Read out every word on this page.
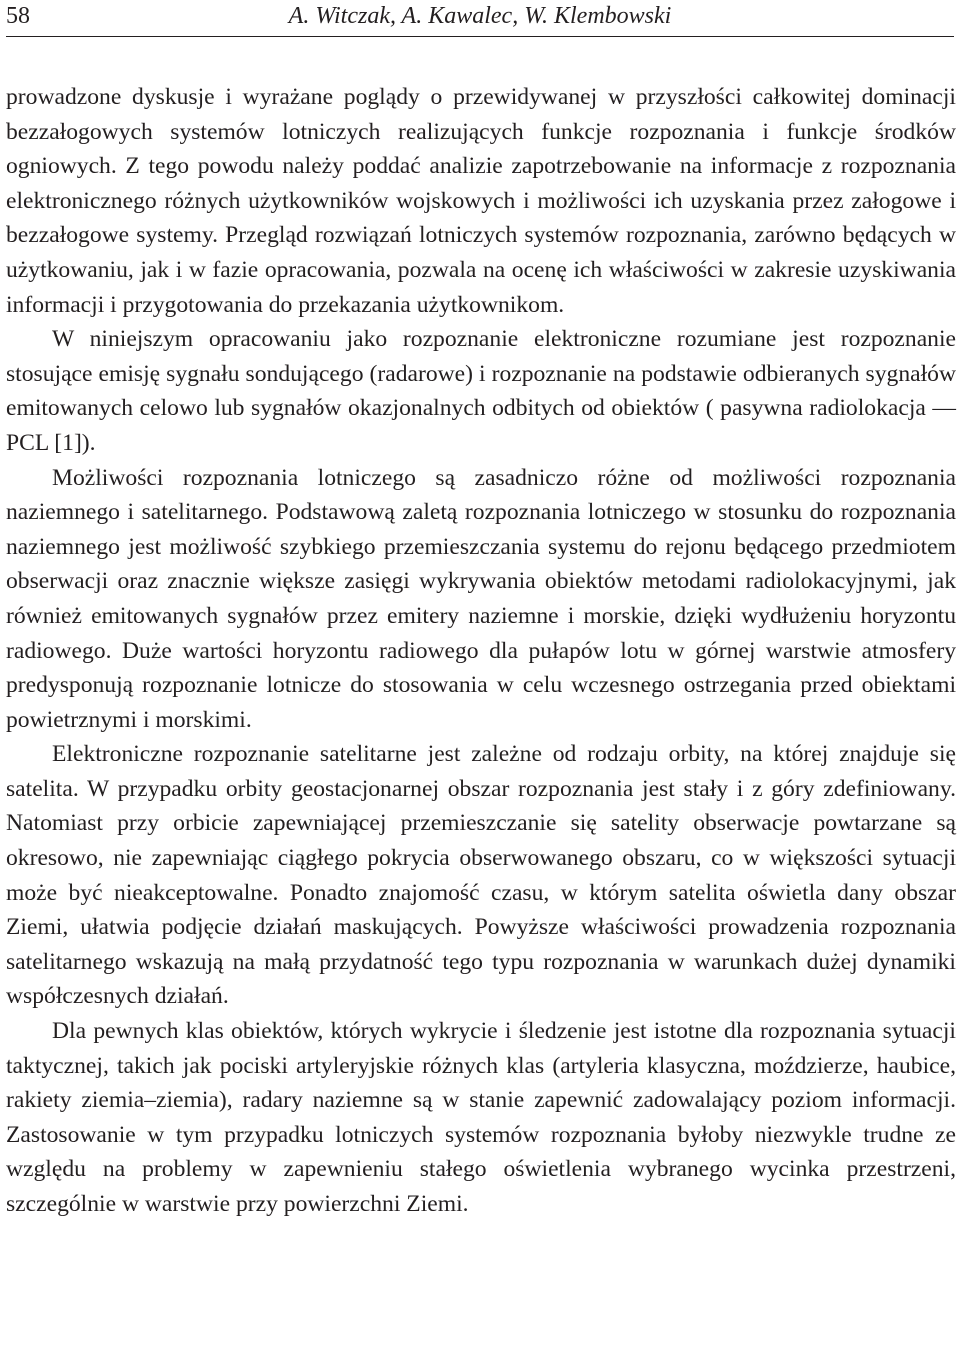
58	A. Witczak, A. Kawalec, W. Klembowski

prowadzone dyskusje i wyrażane poglądy o przewidywanej w przyszłości całkowitej dominacji bezzałogowych systemów lotniczych realizujących funkcje rozpoznania i funkcje środków ogniowych. Z tego powodu należy poddać analizie zapotrzebowanie na informacje z rozpoznania elektronicznego różnych użytkowników wojskowych i możliwości ich uzyskania przez załogowe i bezzałogowe systemy. Przegląd rozwiązań lotniczych systemów rozpoznania, zarówno będących w użytkowaniu, jak i w fazie opracowania, pozwala na ocenę ich właściwości w zakresie uzyskiwania informacji i przygotowania do przekazania użytkownikom.

W niniejszym opracowaniu jako rozpoznanie elektroniczne rozumiane jest rozpoznanie stosujące emisję sygnału sondującego (radarowe) i rozpoznanie na podstawie odbieranych sygnałów emitowanych celowo lub sygnałów okazjonalnych odbitych od obiektów ( pasywna radiolokacja — PCL [1]).

Możliwości rozpoznania lotniczego są zasadniczo różne od możliwości rozpoznania naziemnego i satelitarnego. Podstawową zaletą rozpoznania lotniczego w stosunku do rozpoznania naziemnego jest możliwość szybkiego przemieszczania systemu do rejonu będącego przedmiotem obserwacji oraz znacznie większe zasięgi wykrywania obiektów metodami radiolokacyjnymi, jak również emitowanych sygnałów przez emitery naziemne i morskie, dzięki wydłużeniu horyzontu radiowego. Duże wartości horyzontu radiowego dla pułapów lotu w górnej warstwie atmosfery predysponują rozpoznanie lotnicze do stosowania w celu wczesnego ostrzegania przed obiektami powietrznymi i morskimi.

Elektroniczne rozpoznanie satelitarne jest zależne od rodzaju orbity, na której znajduje się satelita. W przypadku orbity geostacjonarnej obszar rozpoznania jest stały i z góry zdefiniowany. Natomiast przy orbicie zapewniającej przemieszczanie się satelity obserwacje powtarzane są okresowo, nie zapewniając ciągłego pokrycia obserwowanego obszaru, co w większości sytuacji może być nieakceptowalne. Ponadto znajomość czasu, w którym satelita oświetla dany obszar Ziemi, ułatwia podjęcie działań maskujących. Powyższe właściwości prowadzenia rozpoznania satelitarnego wskazują na małą przydatność tego typu rozpoznania w warunkach dużej dynamiki współczesnych działań.

Dla pewnych klas obiektów, których wykrycie i śledzenie jest istotne dla rozpoznania sytuacji taktycznej, takich jak pociski artyleryjskie różnych klas (artyleria klasyczna, moździerze, haubice, rakiety ziemia–ziemia), radary naziemne są w stanie zapewnić zadowalający poziom informacji. Zastosowanie w tym przypadku lotniczych systemów rozpoznania byłoby niezwykle trudne ze względu na problemy w zapewnieniu stałego oświetlenia wybranego wycinka przestrzeni, szczególnie w warstwie przy powierzchni Ziemi.
